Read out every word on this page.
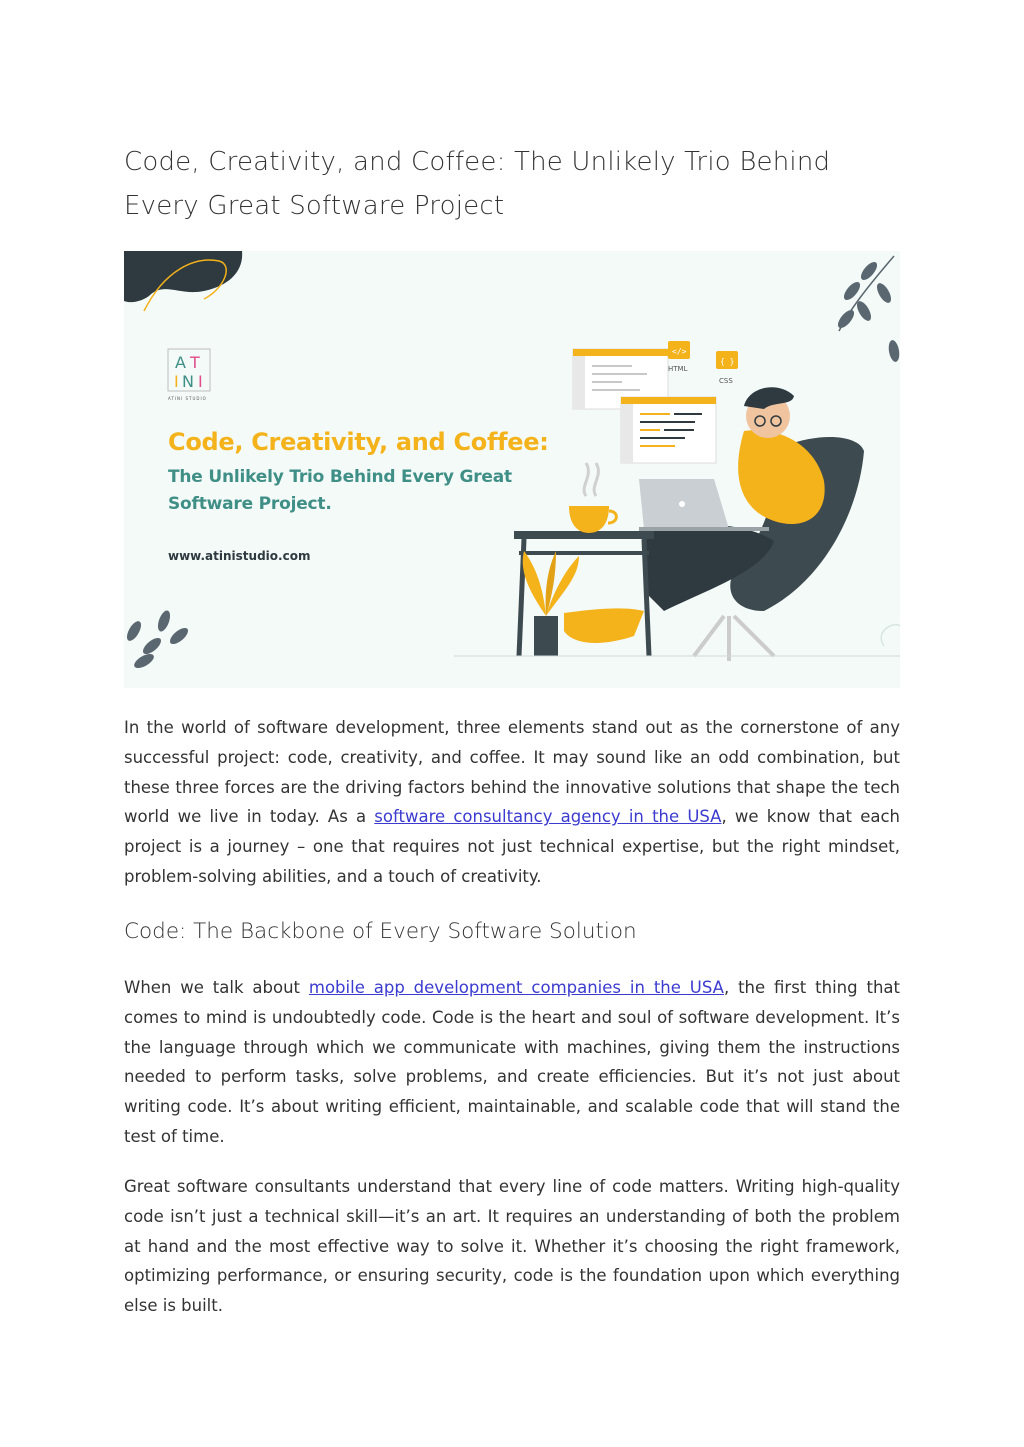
Code, Creativity, and Coffee: The Unlikely Trio Behind Every Great Software Project
A T
I N I
</>
HTML
{ }
CSS
Code, Creativity, and Coffee:
The Unlikely Trio Behind Every Great
Software Project.
www.atinistudio.com
ATINI STUDIO

In the world of software development, three elements stand out as the cornerstone of any successful project: code, creativity, and coffee. It may sound like an odd combination, but these three forces are the driving factors behind the innovative solutions that shape the tech world we live in today. As a software consultancy agency in the USA, we know that each project is a journey – one that requires not just technical expertise, but the right mindset, problem-solving abilities, and a touch of creativity.

Code: The Backbone of Every Software Solution

When we talk about mobile app development companies in the USA, the first thing that comes to mind is undoubtedly code. Code is the heart and soul of software development. It’s the language through which we communicate with machines, giving them the instructions needed to perform tasks, solve problems, and create efficiencies. But it’s not just about writing code. It’s about writing efficient, maintainable, and scalable code that will stand the test of time.

Great software consultants understand that every line of code matters. Writing high-quality code isn’t just a technical skill—it’s an art. It requires an understanding of both the problem at hand and the most effective way to solve it. Whether it’s choosing the right framework, optimizing performance, or ensuring security, code is the foundation upon which everything else is built.
